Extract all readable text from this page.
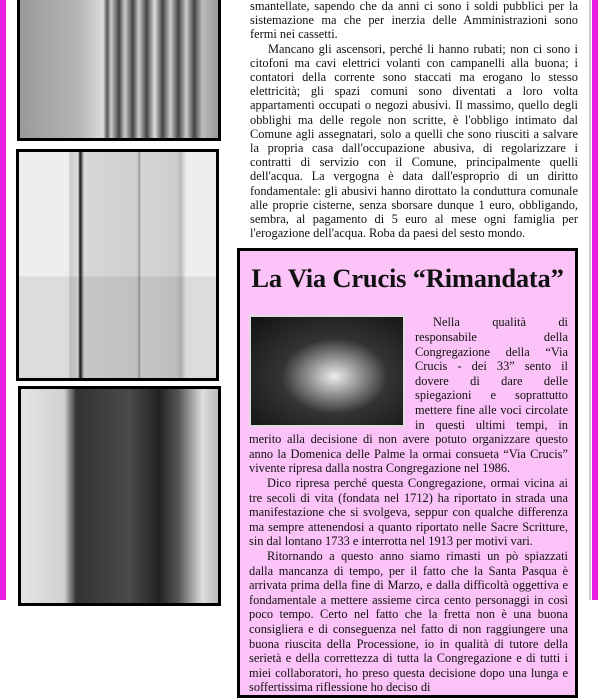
smantellate, sapendo che da anni ci sono i soldi pubblici per la sistemazione ma che per inerzia delle Amministrazioni sono fermi nei cassetti.

Mancano gli ascensori, perché li hanno rubati; non ci sono i citofoni ma cavi elettrici volanti con campanelli alla buona; i contatori della corrente sono staccati ma erogano lo stesso elettricità; gli spazi comuni sono diventati a loro volta appartamenti occupati o negozi abusivi. Il massimo, quello degli obblighi ma delle regole non scritte, è l'obbligo intimato dal Comune agli assegnatari, solo a quelli che sono riusciti a salvare la propria casa dall'occupazione abusiva, di regolarizzare i contratti di servizio con il Comune, principalmente quelli dell'acqua. La vergogna è data dall'esproprio di un diritto fondamentale: gli abusivi hanno dirottato la conduttura comunale alle proprie cisterne, senza sborsare dunque 1 euro, obbligando, sembra, al pagamento di 5 euro al mese ogni famiglia per l'erogazione dell'acqua. Roba da paesi del sesto mondo.

La Via Crucis “Rimandata”

Nella qualità di responsabile della Congregazione della “Via Crucis - dei 33” sento il dovere di dare delle spiegazioni e soprattutto mettere fine alle voci circolate in questi ultimi tempi, in merito alla decisione di non avere potuto organizzare questo anno la Domenica delle Palme la ormai consueta “Via Crucis” vivente ripresa dalla nostra Congregazione nel 1986.

Dico ripresa perché questa Congregazione, ormai vicina ai tre secoli di vita (fondata nel 1712) ha riportato in strada una manifestazione che si svolgeva, seppur con qualche differenza ma sempre attenendosi a quanto riportato nelle Sacre Scritture, sin dal lontano 1733 e interrotta nel 1913 per motivi vari.

Ritornando a questo anno siamo rimasti un pò spiazzati dalla mancanza di tempo, per il fatto che la Santa Pasqua è arrivata prima della fine di Marzo, e dalla difficoltà oggettiva e fondamentale a mettere assieme circa cento personaggi in così poco tempo. Certo nel fatto che la fretta non è una buona consigliera e di conseguenza nel fatto di non raggiungere una buona riuscita della Processione, io in qualità di tutore della serietà e della correttezza di tutta la Congregazione e di tutti i miei collaboratori, ho preso questa decisione dopo una lunga e soffertissima riflessione ho deciso di
